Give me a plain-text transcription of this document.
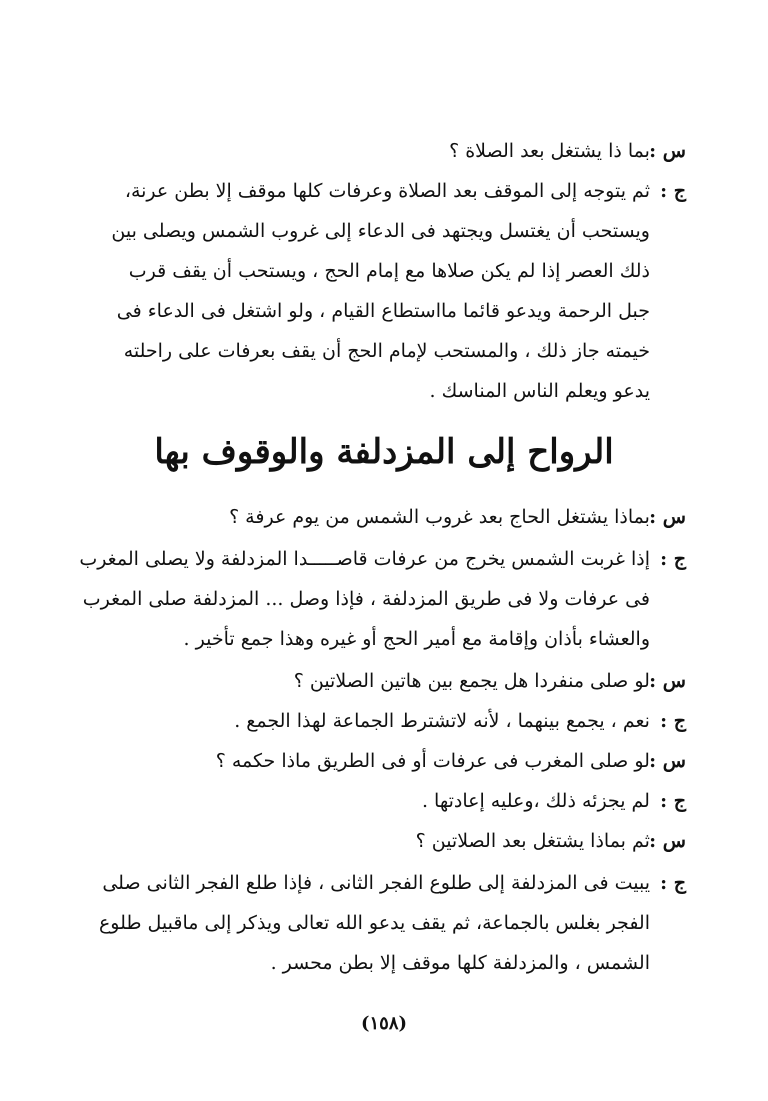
س : بما ذا يشتغل بعد الصلاة ؟
ج :
ثم يتوجه إلى الموقف بعد الصلاة وعرفات كلها موقف إلا بطن عرنة،
ويستحب أن يغتسل ويجتهد فى الدعاء إلى غروب الشمس ويصلى بين
ذلك العصر إذا لم يكن صلاها مع إمام الحج ، ويستحب أن يقف قرب
جبل الرحمة ويدعو قائما مااستطاع القيام ، ولو اشتغل فى الدعاء فى
خيمته جاز ذلك ، والمستحب لإمام الحج أن يقف بعرفات على راحلته
يدعو ويعلم الناس المناسك .
الرواح إلى المزدلفة والوقوف بها
س : بماذا يشتغل الحاج بعد غروب الشمس من يوم عرفة ؟
ج :
إذا غربت الشمس يخرج من عرفات قاصـــــدا المزدلفة ولا يصلى المغرب
فى عرفات ولا فى طريق المزدلفة ، فإذا وصل ... المزدلفة صلى المغرب
والعشاء بأذان وإقامة مع أمير الحج أو غيره وهذا جمع تأخير .
س : لو صلى منفردا هل يجمع بين هاتين الصلاتين ؟
ج : نعم ، يجمع بينهما ، لأنه لاتشترط الجماعة لهذا الجمع .
س : لو صلى المغرب فى عرفات أو فى الطريق ماذا حكمه ؟
ج : لم يجزئه ذلك ،وعليه إعادتها .
س : ثم بماذا يشتغل بعد الصلاتين ؟
ج :
يبيت فى المزدلفة إلى طلوع الفجر الثانى ، فإذا طلع الفجر الثانى صلى
الفجر بغلس بالجماعة، ثم يقف يدعو الله تعالى ويذكر إلى ماقبيل طلوع
الشمس ، والمزدلفة كلها موقف إلا بطن محسر .
(١٥٨)
